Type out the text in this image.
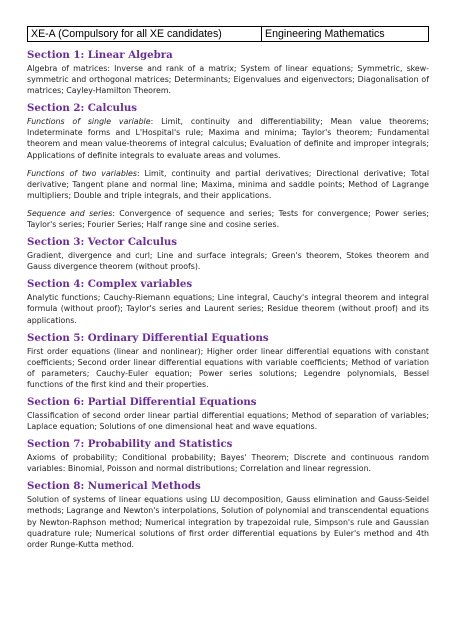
XE-A (Compulsory for all XE candidates)	Engineering Mathematics
Section 1: Linear Algebra

Algebra of matrices: Inverse and rank of a matrix; System of linear equations; Symmetric, skew-symmetric and orthogonal matrices; Determinants; Eigenvalues and eigenvectors; Diagonalisation of matrices; Cayley-Hamilton Theorem.

Section 2: Calculus

Functions of single variable: Limit, continuity and differentiability; Mean value theorems; Indeterminate forms and L'Hospital's rule; Maxima and minima; Taylor's theorem; Fundamental theorem and mean value-theorems of integral calculus; Evaluation of definite and improper integrals; Applications of definite integrals to evaluate areas and volumes.

Functions of two variables: Limit, continuity and partial derivatives; Directional derivative; Total derivative; Tangent plane and normal line; Maxima, minima and saddle points; Method of Lagrange multipliers; Double and triple integrals, and their applications.

Sequence and series: Convergence of sequence and series; Tests for convergence; Power series; Taylor's series; Fourier Series; Half range sine and cosine series.

Section 3: Vector Calculus

Gradient, divergence and curl; Line and surface integrals; Green's theorem, Stokes theorem and Gauss divergence theorem (without proofs).

Section 4: Complex variables

Analytic functions; Cauchy-Riemann equations; Line integral, Cauchy's integral theorem and integral formula (without proof); Taylor's series and Laurent series; Residue theorem (without proof) and its applications.

Section 5: Ordinary Differential Equations

First order equations (linear and nonlinear); Higher order linear differential equations with constant coefficients; Second order linear differential equations with variable coefficients; Method of variation of parameters; Cauchy-Euler equation; Power series solutions; Legendre polynomials, Bessel functions of the first kind and their properties.

Section 6: Partial Differential Equations

Classification of second order linear partial differential equations; Method of separation of variables; Laplace equation; Solutions of one dimensional heat and wave equations.

Section 7: Probability and Statistics

Axioms of probability; Conditional probability; Bayes' Theorem; Discrete and continuous random variables: Binomial, Poisson and normal distributions; Correlation and linear regression.

Section 8: Numerical Methods

Solution of systems of linear equations using LU decomposition, Gauss elimination and Gauss-Seidel methods; Lagrange and Newton's interpolations, Solution of polynomial and transcendental equations by Newton-Raphson method; Numerical integration by trapezoidal rule, Simpson's rule and Gaussian quadrature rule; Numerical solutions of first order differential equations by Euler's method and 4th order Runge-Kutta method.
